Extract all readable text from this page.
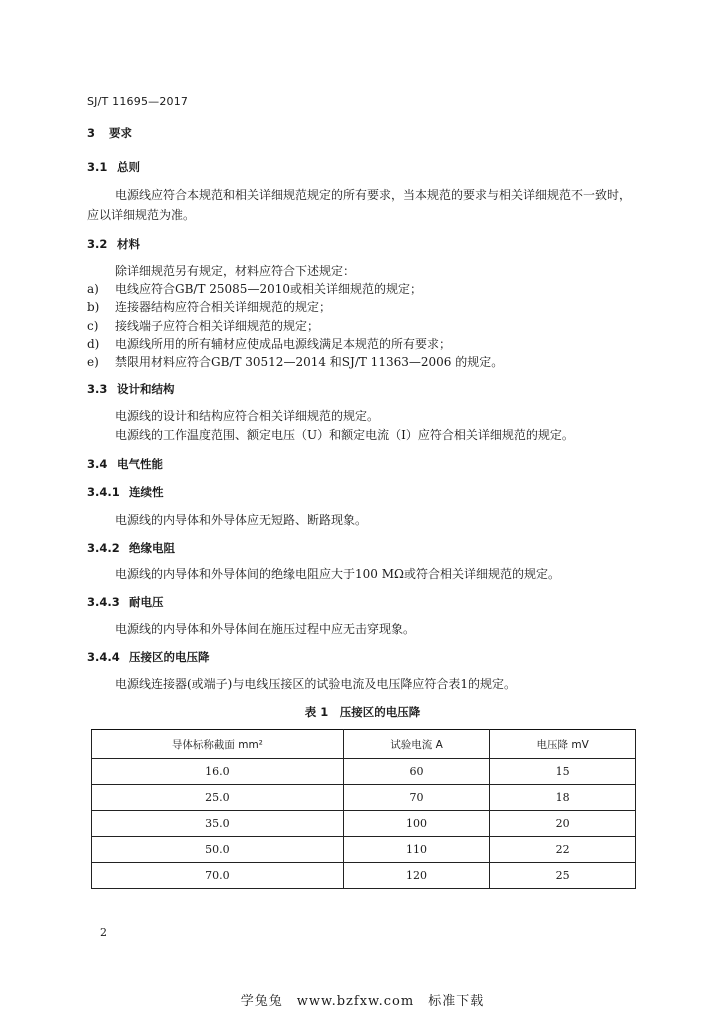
SJ/T 11695—2017
3 要求
3.1 总则
电源线应符合本规范和相关详细规范规定的所有要求，当本规范的要求与相关详细规范不一致时，
应以详细规范为准。
3.2 材料
除详细规范另有规定，材料应符合下述规定：
a) 电线应符合GB/T 25085—2010或相关详细规范的规定；
b) 连接器结构应符合相关详细规范的规定；
c) 接线端子应符合相关详细规范的规定；
d) 电源线所用的所有辅材应使成品电源线满足本规范的所有要求；
e) 禁限用材料应符合GB/T 30512—2014 和SJ/T 11363—2006 的规定。
3.3 设计和结构
电源线的设计和结构应符合相关详细规范的规定。
电源线的工作温度范围、额定电压（U）和额定电流（I）应符合相关详细规范的规定。
3.4 电气性能
3.4.1 连续性
电源线的内导体和外导体应无短路、断路现象。
3.4.2 绝缘电阻
电源线的内导体和外导体间的绝缘电阻应大于100 MΩ或符合相关详细规范的规定。
3.4.3 耐电压
电源线的内导体和外导体间在施压过程中应无击穿现象。
3.4.4 压接区的电压降
电源线连接器(或端子)与电线压接区的试验电流及电压降应符合表1的规定。
表 1　压接区的电压降
导体标称截面 mm²	试验电流 A	电压降 mV
16.0	60	15
25.0	70	18
35.0	100	20
50.0	110	22
70.0	120	25
2
学兔兔　www.bzfxw.com　标准下载
